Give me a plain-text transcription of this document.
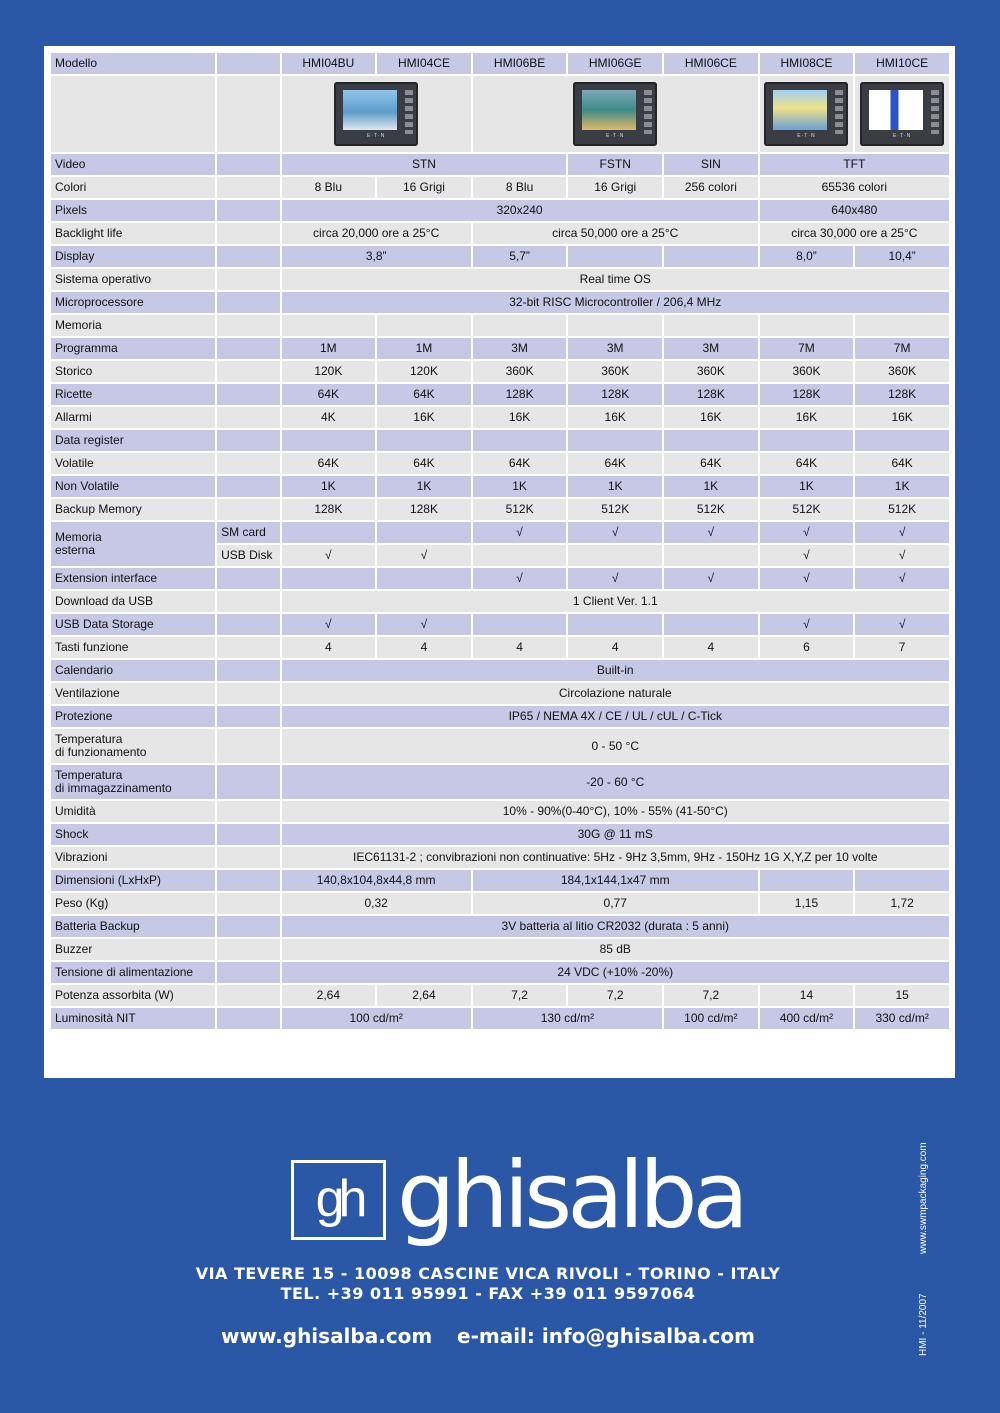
Modello		HMI04BU	HMI04CE	HMI06BE	HMI06GE	HMI06CE	HMI08CE	HMI10CE

		E·T·N		E·T·N			E·T·N	E·T·N

Video		STN			FSTN	SIN	TFT	
Colori		8 Blu	16 Grigi	8 Blu	16 Grigi	256 colori	65536 colori	
Pixels		320x240					640x480	
Backlight life		circa 20,000 ore a 25°C		circa 50,000 ore a 25°C			circa 30,000 ore a 25°C	
Display		3,8”		5,7”			8,0”	10,4”
Sistema operativo		Real time OS						
Microprocessore		32-bit RISC Microcontroller / 206,4 MHz						
Memoria								
Programma		1M	1M	3M	3M	3M	7M	7M
Storico		120K	120K	360K	360K	360K	360K	360K
Ricette		64K	64K	128K	128K	128K	128K	128K
Allarmi		4K	16K	16K	16K	16K	16K	16K
Data register								
Volatile		64K	64K	64K	64K	64K	64K	64K
Non Volatile		1K	1K	1K	1K	1K	1K	1K
Backup Memory		128K	128K	512K	512K	512K	512K	512K
Memoria
esterna	SM card			√	√	√	√	√
	USB Disk	√	√				√	√
Extension interface				√	√	√	√	√
Download da USB		1 Client Ver. 1.1						
USB Data Storage		√	√				√	√
Tasti funzione		4	4	4	4	4	6	7
Calendario		Built-in						
Ventilazione		Circolazione naturale						
Protezione		IP65 / NEMA 4X / CE / UL / cUL / C-Tick						
Temperatura
di funzionamento		0 - 50 °C						
Temperatura
di immagazzinamento		-20 - 60 °C						
Umidità		10% - 90%(0-40°C), 10% - 55% (41-50°C)						
Shock		30G @ 11 mS						
Vibrazioni		IEC61131-2 ; convibrazioni non continuative: 5Hz - 9Hz 3,5mm, 9Hz - 150Hz 1G X,Y,Z per 10 volte						
Dimensioni (LxHxP)		140,8x104,8x44,8 mm		184,1x144,1x47 mm				
Peso (Kg)		0,32		0,77			1,15	1,72
Batteria Backup		3V batteria al litio CR2032 (durata : 5 anni)						
Buzzer		85 dB						
Tensione di alimentazione		24 VDC (+10% -20%)						
Potenza assorbita (W)		2,64	2,64	7,2	7,2	7,2	14	15
Luminosità NIT		100 cd/m²		130 cd/m²		100 cd/m²	400 cd/m²	330 cd/m²
gh ghisalba
VIA TEVERE 15 - 10098 CASCINE VICA RIVOLI - TORINO - ITALY
TEL. +39 011 95991 - FAX +39 011 9597064
www.ghisalba.com e-mail: info@ghisalba.com
www.swmpackaging.com
HMI - 11/2007
